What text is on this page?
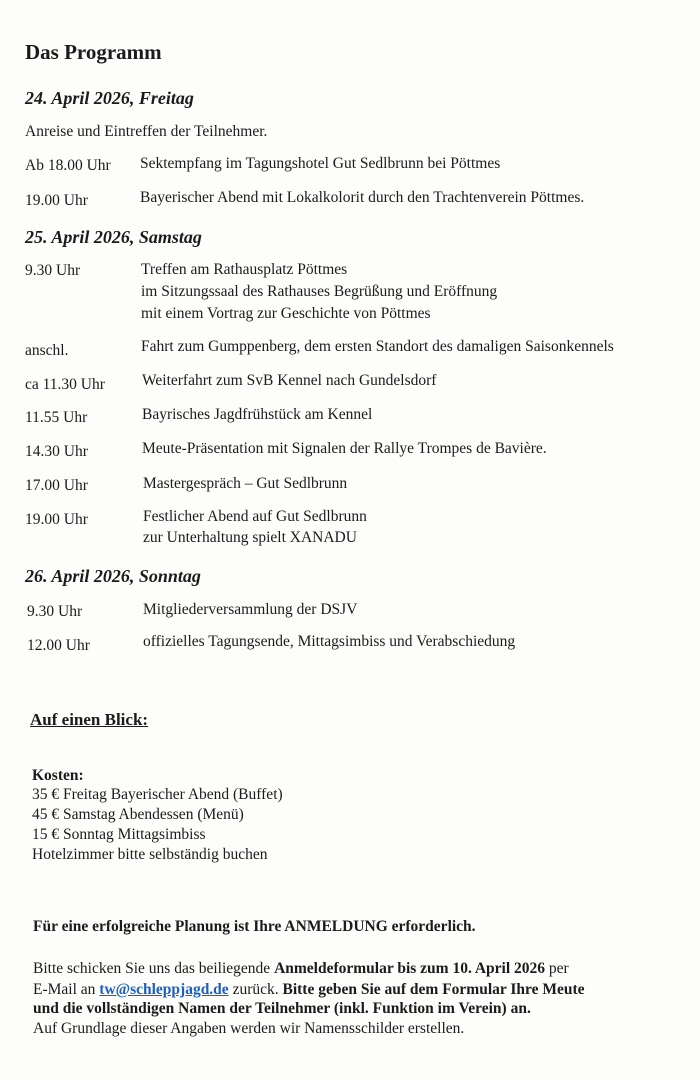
Das Programm
24. April 2026, Freitag
Anreise und Eintreffen der Teilnehmer.
Ab 18.00 Uhr Sektempfang im Tagungshotel Gut Sedlbrunn bei Pöttmes
19.00 Uhr	Bayerischer Abend mit Lokalkolorit durch den Trachtenverein Pöttmes.
25. April 2026, Samstag
9.30 Uhr	Treffen am Rathausplatz Pöttmes
im Sitzungssaal des Rathauses Begrüßung und Eröffnung
mit einem Vortrag zur Geschichte von Pöttmes
anschl.	Fahrt zum Gumppenberg, dem ersten Standort des damaligen Saisonkennels
ca 11.30 Uhr Weiterfahrt zum SvB Kennel nach Gundelsdorf
11.55 Uhr	Bayrisches Jagdfrühstück am Kennel
14.30 Uhr	Meute-Präsentation mit Signalen der Rallye Trompes de Bavière.
17.00 Uhr	Mastergespräch – Gut Sedlbrunn
19.00 Uhr	Festlicher Abend auf Gut Sedlbrunn
zur Unterhaltung spielt XANADU
26. April 2026, Sonntag
9.30 Uhr	Mitgliederversammlung der DSJV
12.00 Uhr	offizielles Tagungsende, Mittagsimbiss und Verabschiedung
Auf einen Blick:
Kosten:
35 € Freitag Bayerischer Abend (Buffet)
45 € Samstag Abendessen (Menü)
15 € Sonntag Mittagsimbiss
Hotelzimmer bitte selbständig buchen
Für eine erfolgreiche Planung ist Ihre ANMELDUNG erforderlich.
Bitte schicken Sie uns das beiliegende Anmeldeformular bis zum 10. April 2026 per
E-Mail an tw@schleppjagd.de zurück. Bitte geben Sie auf dem Formular Ihre Meute
und die vollständigen Namen der Teilnehmer (inkl. Funktion im Verein) an.
Auf Grundlage dieser Angaben werden wir Namensschilder erstellen.
